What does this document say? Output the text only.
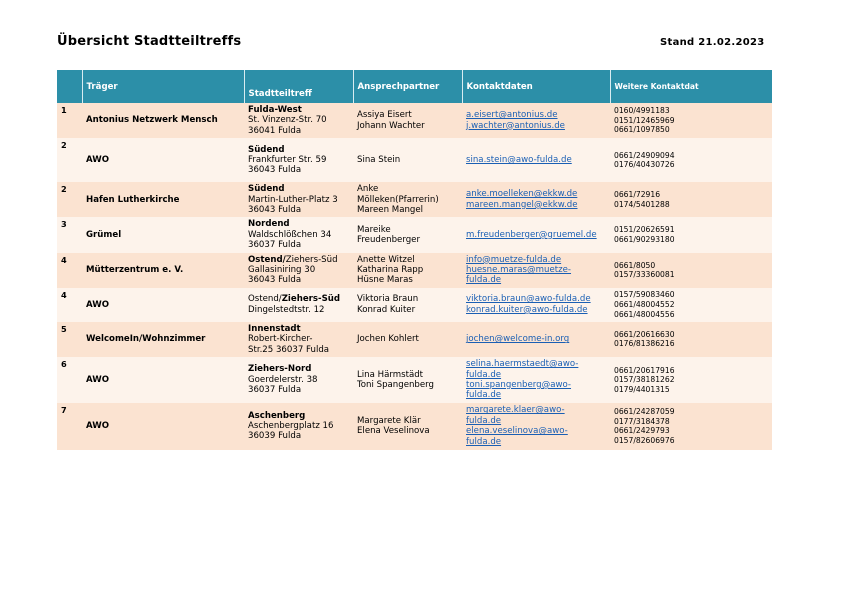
Übersicht Stadtteiltreffs	Stand 21.02.2023
	Träger	Stadtteiltreff	Ansprechpartner	Kontaktdaten	Weitere Kontaktdat
1	Antonius Netzwerk Mensch	Fulda-West
St. Vinzenz-Str. 70
36041 Fulda	Assiya Eisert
Johann Wachter	a.eisert@antonius.de
j.wachter@antonius.de	0160/4991183
0151/12465969
0661/1097850

2	AWO	Südend
Frankfurter Str. 59
36043 Fulda	Sina Stein	sina.stein@awo-fulda.de	0661/24909094
0176/40430726

2	Hafen Lutherkirche	Südend
Martin-Luther-Platz 3
36043 Fulda	Anke
Mölleken(Pfarrerin)
Mareen Mangel	anke.moelleken@ekkw.de
mareen.mangel@ekkw.de	0661/72916
0174/5401288

3	Grümel	Nordend
Waldschlößchen 34
36037 Fulda	Mareike
Freudenberger	m.freudenberger@gruemel.de	0151/20626591
0661/90293180

4	Mütterzentrum e. V.	Ostend/Ziehers-Süd
Gallasiniring 30
36043 Fulda	Anette Witzel
Katharina Rapp
Hüsne Maras	info@muetze-fulda.de
huesne.maras@muetze-
fulda.de	0661/8050
0157/33360081

4	AWO	Ostend/Ziehers-Süd
Dingelstedtstr. 12	Viktoria Braun
Konrad Kuiter	viktoria.braun@awo-fulda.de
konrad.kuiter@awo-fulda.de	0157/59083460
0661/48004552
0661/48004556

5	WelcomeIn/Wohnzimmer	Innenstadt
Robert-Kircher-
Str.25 36037 Fulda	Jochen Kohlert	jochen@welcome-in.org	0661/20616630
0176/81386216

6	AWO	Ziehers-Nord
Goerdelerstr. 38
36037 Fulda	Lina Härmstädt
Toni Spangenberg	selina.haermstaedt@awo-
fulda.de
toni.spangenberg@awo-
fulda.de	0661/20617916
0157/38181262
0179/4401315

7	AWO	Aschenberg
Aschenbergplatz 16
36039 Fulda	Margarete Klär
Elena Veselinova	margarete.klaer@awo-
fulda.de
elena.veselinova@awo-
fulda.de	0661/24287059
0177/3184378
0661/2429793
0157/82606976
